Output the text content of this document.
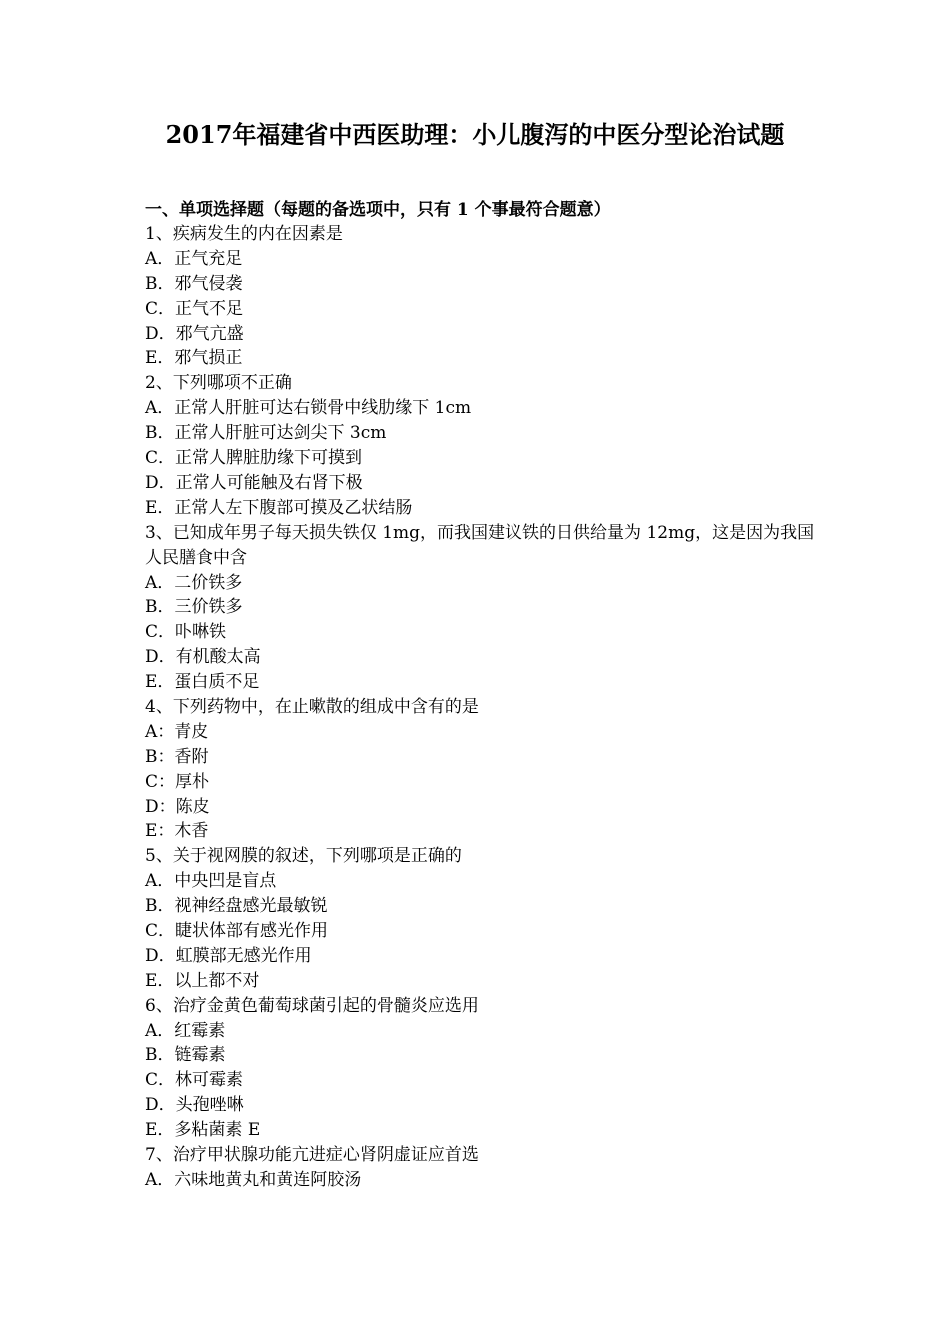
2017年福建省中西医助理：小儿腹泻的中医分型论治试题
一、单项选择题（每题的备选项中，只有 1 个事最符合题意）
1、疾病发生的内在因素是
A．正气充足
B．邪气侵袭
C．正气不足
D．邪气亢盛
E．邪气损正
2、下列哪项不正确
A．正常人肝脏可达右锁骨中线肋缘下 1cm
B．正常人肝脏可达剑尖下 3cm
C．正常人脾脏肋缘下可摸到
D．正常人可能触及右肾下极
E．正常人左下腹部可摸及乙状结肠
3、已知成年男子每天损失铁仅 1mg，而我国建议铁的日供给量为 12mg，这是因为我国人民膳食中含
A．二价铁多
B．三价铁多
C．卟啉铁
D．有机酸太高
E．蛋白质不足
4、下列药物中，在止嗽散的组成中含有的是
A：青皮
B：香附
C：厚朴
D：陈皮
E：木香
5、关于视网膜的叙述，下列哪项是正确的
A．中央凹是盲点
B．视神经盘感光最敏锐
C．睫状体部有感光作用
D．虹膜部无感光作用
E．以上都不对
6、治疗金黄色葡萄球菌引起的骨髓炎应选用
A．红霉素
B．链霉素
C．林可霉素
D．头孢唑啉
E．多粘菌素 E
7、治疗甲状腺功能亢进症心肾阴虚证应首选
A．六味地黄丸和黄连阿胶汤
